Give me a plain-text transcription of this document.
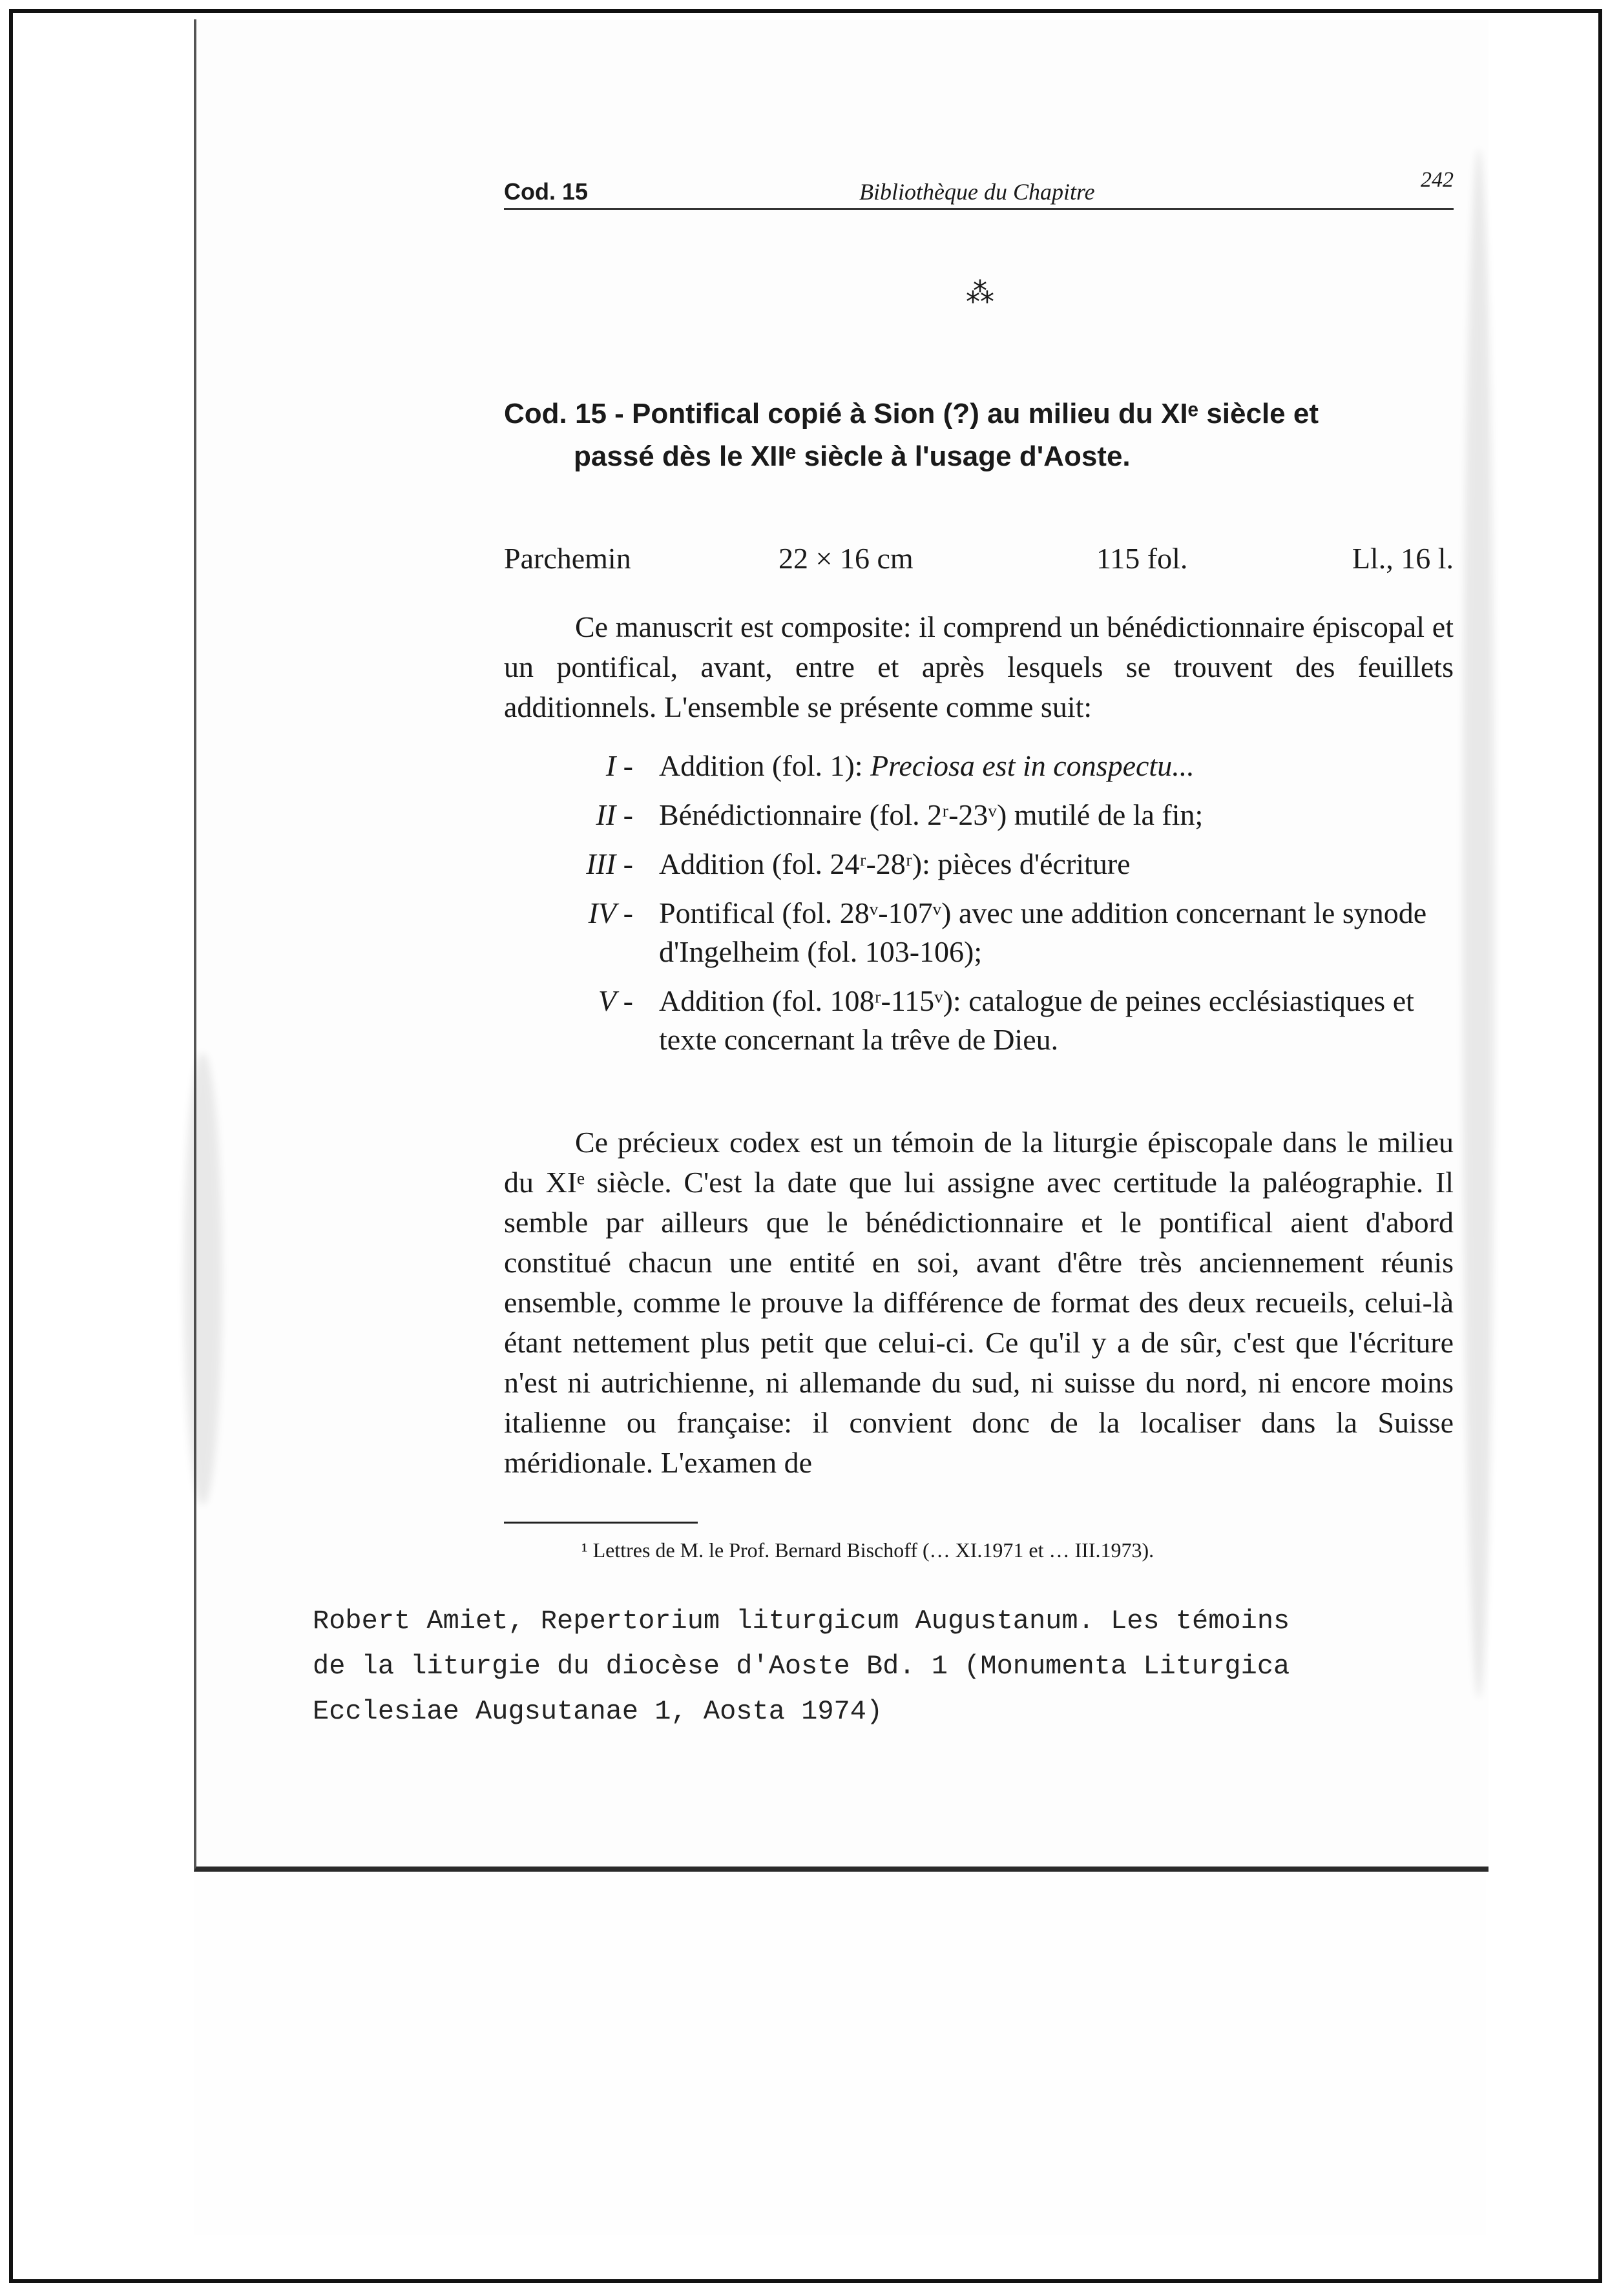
Cod. 15	Bibliothèque du Chapitre	242
⁂
Cod. 15 - Pontifical copié à Sion (?) au milieu du XIᵉ siècle et
passé dès le XIIᵉ siècle à l'usage d'Aoste.
Parchemin	22 × 16 cm	115 fol.	Ll., 16 l.
Ce manuscrit est composite: il comprend un bénédictionnaire épiscopal et un pontifical, avant, entre et après lesquels se trouvent des feuillets additionnels. L'ensemble se présente comme suit:
I - Addition (fol. 1): Preciosa est in conspectu...
II - Bénédictionnaire (fol. 2ʳ-23ᵛ) mutilé de la fin;
III - Addition (fol. 24ʳ-28ʳ): pièces d'écriture
IV - Pontifical (fol. 28ᵛ-107ᵛ) avec une addition concernant le synode d'Ingelheim (fol. 103-106);
V - Addition (fol. 108ʳ-115ᵛ): catalogue de peines ecclésiastiques et texte concernant la trêve de Dieu.
Ce précieux codex est un témoin de la liturgie épiscopale dans le milieu du XIᵉ siècle. C'est la date que lui assigne avec certitude la paléographie. Il semble par ailleurs que le bénédictionnaire et le pontifical aient d'abord constitué chacun une entité en soi, avant d'être très anciennement réunis ensemble, comme le prouve la différence de format des deux recueils, celui-là étant nettement plus petit que celui-ci. Ce qu'il y a de sûr, c'est que l'écriture n'est ni autrichienne, ni allemande du sud, ni suisse du nord, ni encore moins italienne ou française: il convient donc de la localiser dans la Suisse méridionale. L'examen de
¹ Lettres de M. le Prof. Bernard Bischoff (… XI.1971 et … III.1973).
Robert Amiet, Repertorium liturgicum Augustanum. Les témoins
de la liturgie du diocèse d'Aoste Bd. 1 (Monumenta Liturgica
Ecclesiae Augsutanae 1, Aosta 1974)
